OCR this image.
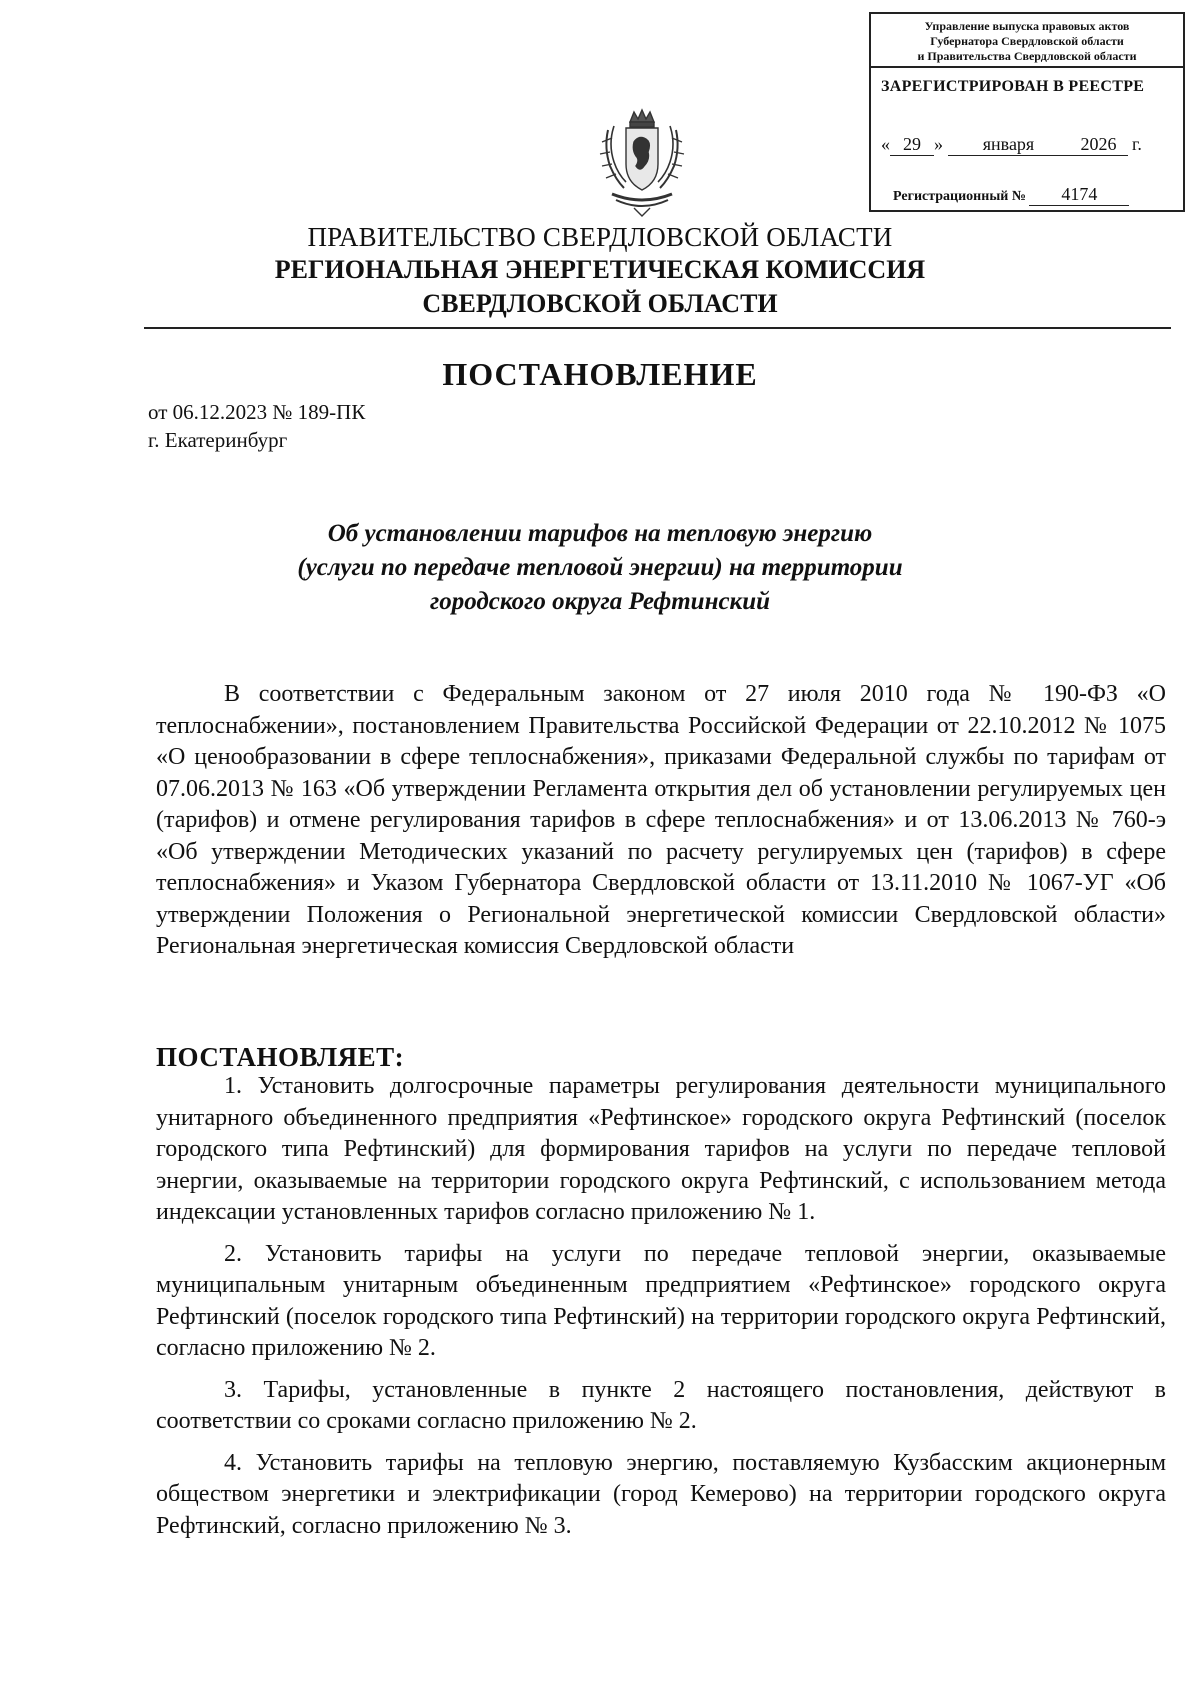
Управление выпуска правовых актов
Губернатора Свердловской области
и Правительства Свердловской области
ЗАРЕГИСТРИРОВАН В РЕЕСТРЕ
« 29 » января	2026 г.
Регистрационный № 4174
ПРАВИТЕЛЬСТВО СВЕРДЛОВСКОЙ ОБЛАСТИ
РЕГИОНАЛЬНАЯ ЭНЕРГЕТИЧЕСКАЯ КОМИССИЯ
СВЕРДЛОВСКОЙ ОБЛАСТИ
ПОСТАНОВЛЕНИЕ
от 06.12.2023 № 189-ПК
г. Екатеринбург
Об установлении тарифов на тепловую энергию
(услуги по передаче тепловой энергии) на территории
городского округа Рефтинский

В соответствии с Федеральным законом от 27 июля 2010 года № 190-ФЗ «О теплоснабжении», постановлением Правительства Российской Федерации от 22.10.2012 № 1075 «О ценообразовании в сфере теплоснабжения», приказами Федеральной службы по тарифам от 07.06.2013 № 163 «Об утверждении Регламента открытия дел об установлении регулируемых цен (тарифов) и отмене регулирования тарифов в сфере теплоснабжения» и от 13.06.2013 № 760-э «Об утверждении Методических указаний по расчету регулируемых цен (тарифов) в сфере теплоснабжения» и Указом Губернатора Свердловской области от 13.11.2010 № 1067-УГ «Об утверждении Положения о Региональной энергетической комиссии Свердловской области» Региональная энергетическая комиссия Свердловской области

ПОСТАНОВЛЯЕТ:

1. Установить долгосрочные параметры регулирования деятельности муниципального унитарного объединенного предприятия «Рефтинское» городского округа Рефтинский (поселок городского типа Рефтинский) для формирования тарифов на услуги по передаче тепловой энергии, оказываемые на территории городского округа Рефтинский, с использованием метода индексации установленных тарифов согласно приложению № 1.

2. Установить тарифы на услуги по передаче тепловой энергии, оказываемые муниципальным унитарным объединенным предприятием «Рефтинское» городского округа Рефтинский (поселок городского типа Рефтинский) на территории городского округа Рефтинский, согласно приложению № 2.

3. Тарифы, установленные в пункте 2 настоящего постановления, действуют в соответствии со сроками согласно приложению № 2.

4. Установить тарифы на тепловую энергию, поставляемую Кузбасским акционерным обществом энергетики и электрификации (город Кемерово) на территории городского округа Рефтинский, согласно приложению № 3.
